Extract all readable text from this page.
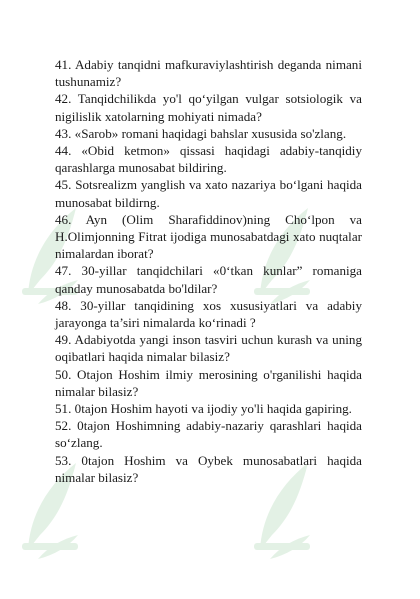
41. Adabiy tanqidni mafkuraviylashtirish deganda nimani tushunamiz?

42. Tanqidchilikda yo'l qo‘yilgan vulgar sotsiologik va nigilislik xatolarning mohiyati nimada?

43. «Sarob» romani haqidagi bahslar xususida so'zlang.

44. «Obid ketmon» qissasi haqidagi adabiy-tanqidiy qarashlarga munosabat bildiring.

45. Sotsrealizm yanglish va xato nazariya bo‘lgani haqida munosabat bildirng.

46. Ayn (Olim Sharafiddinov)ning Cho‘lpon va H.Olimjonning Fitrat ijodiga munosabatdagi xato nuqtalar nimalardan iborat?

47. 30-yillar tanqidchilari «0‘tkan kunlar” romaniga qanday munosabatda bo'ldilar?

48. 30-yillar tanqidining xos xususiyatlari va adabiy jarayonga ta’siri nimalarda ko‘rinadi ?

49. Adabiyotda yangi inson tasviri uchun kurash va uning oqibatlari haqida nimalar bilasiz?

50. Otajon Hoshim ilmiy merosining o'rganilishi haqida nimalar bilasiz?

51. 0tajon Hoshim hayoti va ijodiy yo'li haqida gapiring.

52. 0tajon Hoshimning adabiy-nazariy qarashlari haqida so‘zlang.

53. 0tajon Hoshim va Oybek munosabatlari haqida nimalar bilasiz?
